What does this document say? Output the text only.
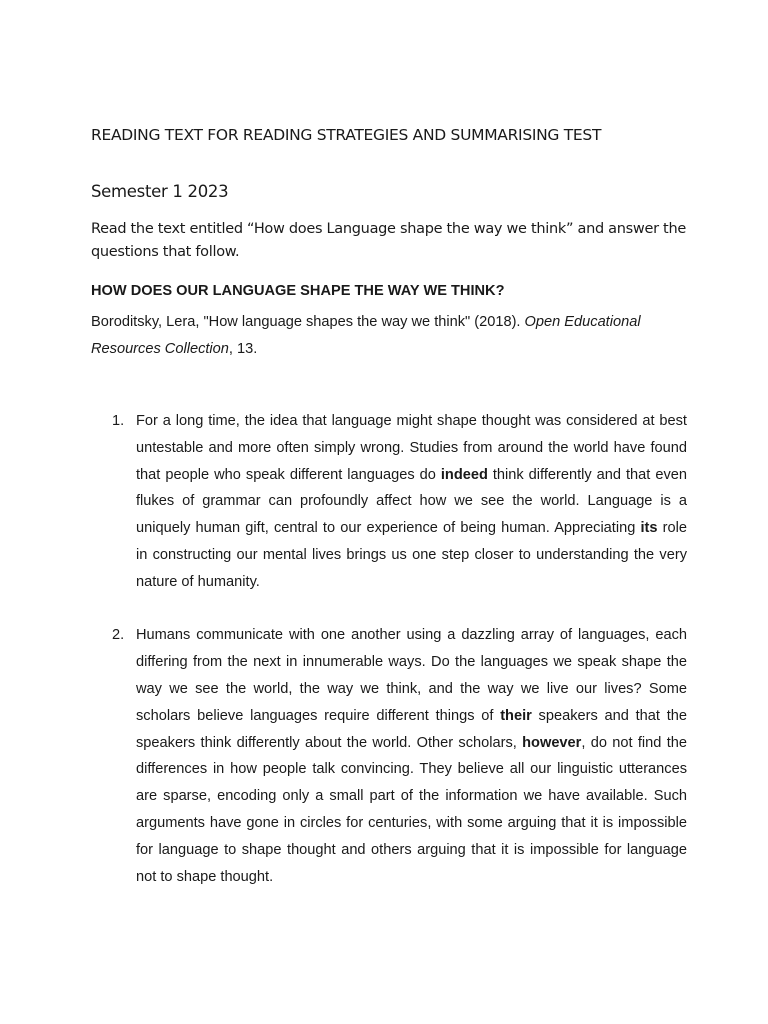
READING TEXT FOR READING STRATEGIES AND SUMMARISING TEST
Semester 1 2023

Read the text entitled “How does Language shape the way we think” and answer the
questions that follow.

HOW DOES OUR LANGUAGE SHAPE THE WAY WE THINK?

Boroditsky, Lera, "How language shapes the way we think" (2018). Open Educational Resources Collection, 13.

1. For a long time, the idea that language might shape thought was considered at best untestable and more often simply wrong. Studies from around the world have found that people who speak different languages do indeed think differently and that even flukes of grammar can profoundly affect how we see the world. Language is a uniquely human gift, central to our experience of being human. Appreciating its role in constructing our mental lives brings us one step closer to understanding the very nature of humanity.
2. Humans communicate with one another using a dazzling array of languages, each differing from the next in innumerable ways. Do the languages we speak shape the way we see the world, the way we think, and the way we live our lives? Some scholars believe languages require different things of their speakers and that the speakers think differently about the world. Other scholars, however, do not find the differences in how people talk convincing. They believe all our linguistic utterances are sparse, encoding only a small part of the information we have available. Such arguments have gone in circles for centuries, with some arguing that it is impossible for language to shape thought and others arguing that it is impossible for language not to shape thought.
